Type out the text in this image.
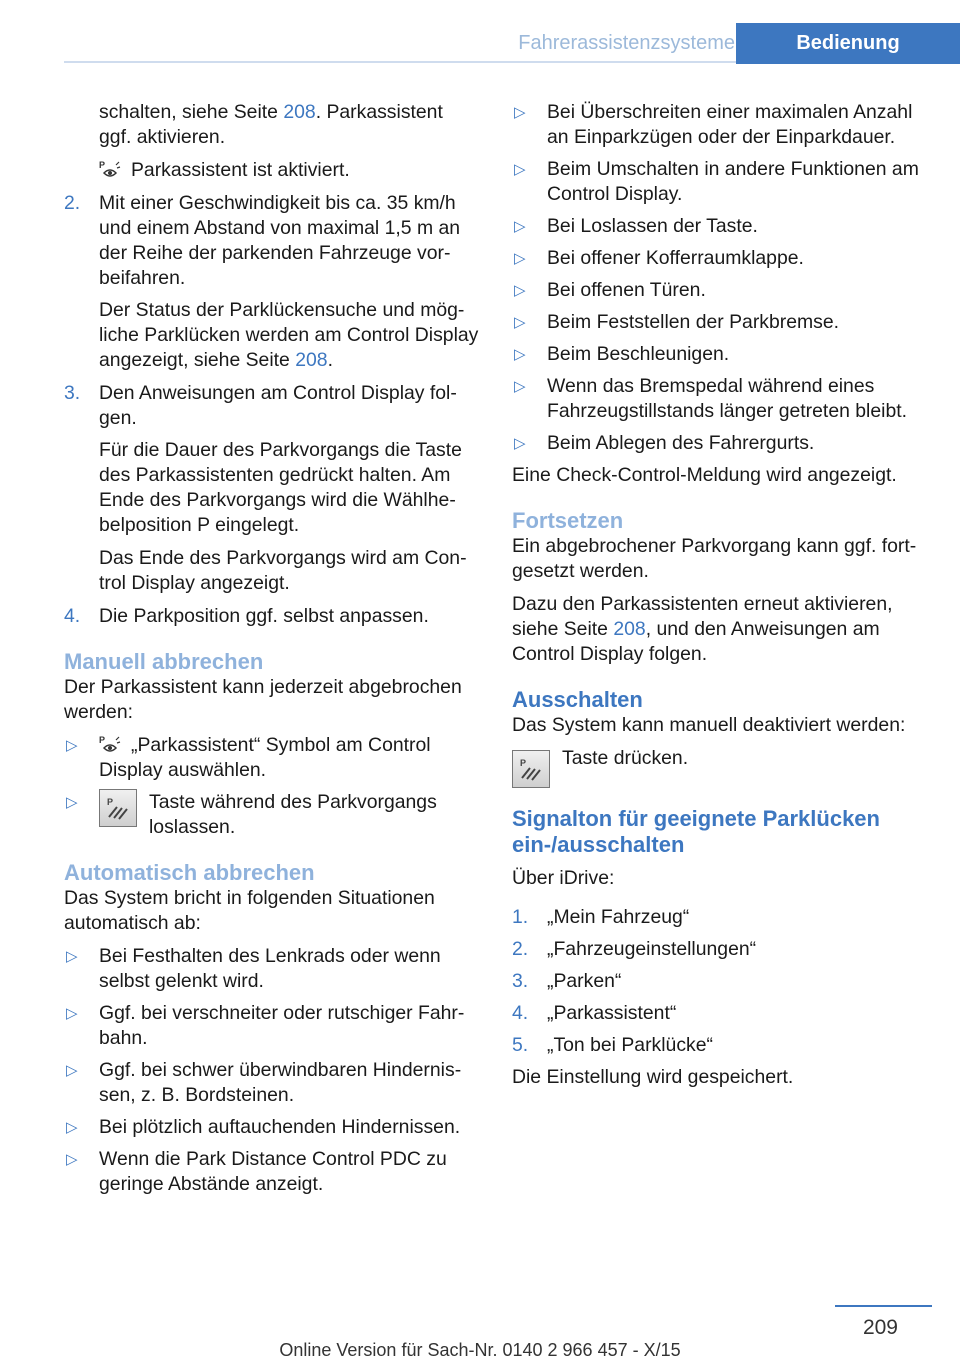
Fahrerassistenzsysteme	Bedienung

schalten, siehe Seite 208. Parkassistent ggf. aktivieren.

P Parkassistent ist aktiviert.

2. Mit einer Geschwindigkeit bis ca. 35 km/h und einem Abstand von maximal 1,5 m an der Reihe der parkenden Fahrzeuge vorbeifahren.

Der Status der Parklückensuche und mögliche Parklücken werden am Control Display angezeigt, siehe Seite 208.

3. Den Anweisungen am Control Display folgen.

Für die Dauer des Parkvorgangs die Taste des Parkassistenten gedrückt halten. Am Ende des Parkvorgangs wird die Wählhebelposition P eingelegt.

Das Ende des Parkvorgangs wird am Control Display angezeigt.

4. Die Parkposition ggf. selbst anpassen.
Manuell abbrechen

Der Parkassistent kann jederzeit abgebrochen werden:

▷ P „Parkassistent“ Symbol am Control Display auswählen.
▷	P Taste während des Parkvorgangs loslassen.
Automatisch abbrechen

Das System bricht in folgenden Situationen automatisch ab:

▷ Bei Festhalten des Lenkrads oder wenn selbst gelenkt wird.
▷ Ggf. bei verschneiter oder rutschiger Fahrbahn.
▷ Ggf. bei schwer überwindbaren Hindernissen, z. B. Bordsteinen.
▷ Bei plötzlich auftauchenden Hindernissen.
▷ Wenn die Park Distance Control PDC zu geringe Abstände anzeigt.
▷ Bei Überschreiten einer maximalen Anzahl an Einparkzügen oder der Einparkdauer.
▷ Beim Umschalten in andere Funktionen am Control Display.
▷ Bei Loslassen der Taste.
▷ Bei offener Kofferraumklappe.
▷ Bei offenen Türen.
▷ Beim Feststellen der Parkbremse.
▷ Beim Beschleunigen.
▷ Wenn das Bremspedal während eines Fahrzeugstillstands länger getreten bleibt.
▷ Beim Ablegen des Fahrergurts.

Eine Check-Control-Meldung wird angezeigt.

Fortsetzen

Ein abgebrochener Parkvorgang kann ggf. fortgesetzt werden.

Dazu den Parkassistenten erneut aktivieren, siehe Seite 208, und den Anweisungen am Control Display folgen.

Ausschalten

Das System kann manuell deaktiviert werden:

P Taste drücken.
Signalton für geeignete Parklücken ein-/ausschalten

Über iDrive:

1. „Mein Fahrzeug“
2. „Fahrzeugeinstellungen“
3. „Parken“
4. „Parkassistent“
5. „Ton bei Parklücke“

Die Einstellung wird gespeichert.

209
Online Version für Sach-Nr. 0140 2 966 457 - X/15
